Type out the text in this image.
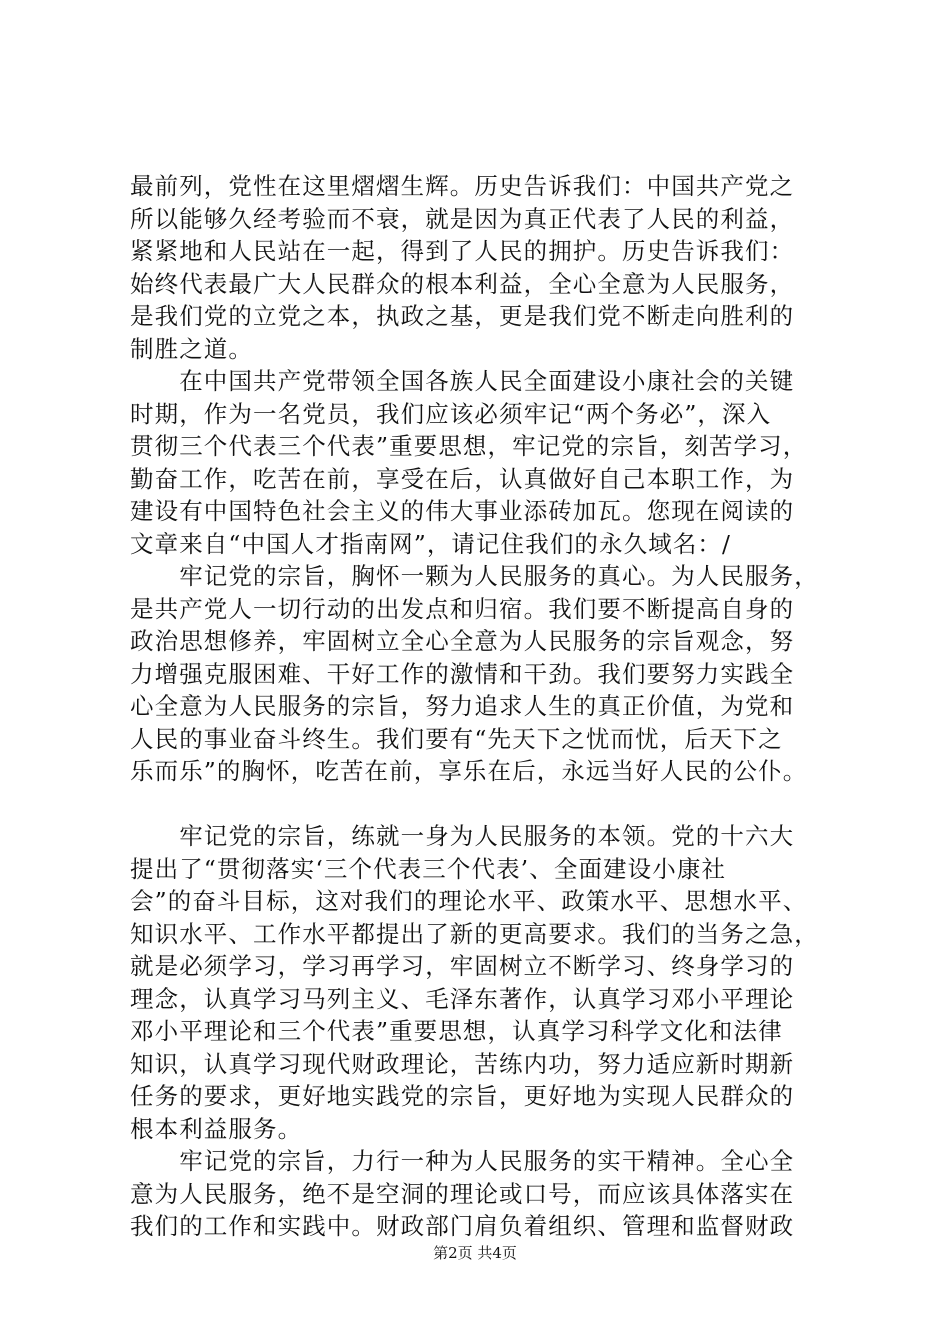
最前列，党性在这里熠熠生辉。历史告诉我们：中国共产党之
所以能够久经考验而不衰，就是因为真正代表了人民的利益，
紧紧地和人民站在一起，得到了人民的拥护。历史告诉我们：
始终代表最广大人民群众的根本利益，全心全意为人民服务，
是我们党的立党之本，执政之基，更是我们党不断走向胜利的
制胜之道。
　　在中国共产党带领全国各族人民全面建设小康社会的关键
时期，作为一名党员，我们应该必须牢记“两个务必”，深入
贯彻三个代表三个代表”重要思想，牢记党的宗旨，刻苦学习，
勤奋工作，吃苦在前，享受在后，认真做好自己本职工作，为
建设有中国特色社会主义的伟大事业添砖加瓦。您现在阅读的
文章来自“中国人才指南网”，请记住我们的永久域名：/
　　牢记党的宗旨，胸怀一颗为人民服务的真心。为人民服务，
是共产党人一切行动的出发点和归宿。我们要不断提高自身的
政治思想修养，牢固树立全心全意为人民服务的宗旨观念，努
力增强克服困难、干好工作的激情和干劲。我们要努力实践全
心全意为人民服务的宗旨，努力追求人生的真正价值，为党和
人民的事业奋斗终生。我们要有“先天下之忧而忧，后天下之
乐而乐”的胸怀，吃苦在前，享乐在后，永远当好人民的公仆。
　　牢记党的宗旨，练就一身为人民服务的本领。党的十六大
提出了“贯彻落实‘三个代表三个代表’、全面建设小康社
会”的奋斗目标，这对我们的理论水平、政策水平、思想水平、
知识水平、工作水平都提出了新的更高要求。我们的当务之急，
就是必须学习，学习再学习，牢固树立不断学习、终身学习的
理念，认真学习马列主义、毛泽东著作，认真学习邓小平理论
邓小平理论和三个代表”重要思想，认真学习科学文化和法律
知识，认真学习现代财政理论，苦练内功，努力适应新时期新
任务的要求，更好地实践党的宗旨，更好地为实现人民群众的
根本利益服务。
　　牢记党的宗旨，力行一种为人民服务的实干精神。全心全
意为人民服务，绝不是空洞的理论或口号，而应该具体落实在
我们的工作和实践中。财政部门肩负着组织、管理和监督财政
第2页 共4页
